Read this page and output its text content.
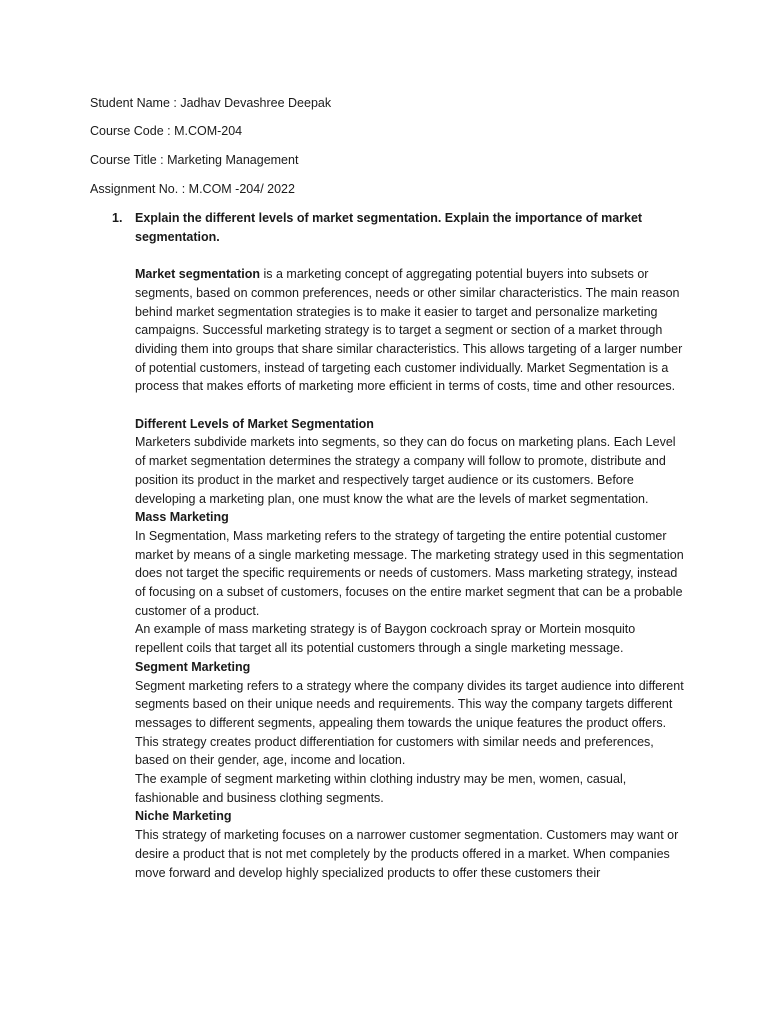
Student Name : Jadhav Devashree Deepak
Course Code : M.COM-204
Course Title : Marketing Management
Assignment No. : M.COM -204/ 2022
1. Explain the different levels of market segmentation. Explain the importance of market segmentation.

Market segmentation is a marketing concept of aggregating potential buyers into subsets or segments, based on common preferences, needs or other similar characteristics. The main reason behind market segmentation strategies is to make it easier to target and personalize marketing campaigns. Successful marketing strategy is to target a segment or section of a market through dividing them into groups that share similar characteristics. This allows targeting of a larger number of potential customers, instead of targeting each customer individually. Market Segmentation is a process that makes efforts of marketing more efficient in terms of costs, time and other resources.

Different Levels of Market Segmentation

Marketers subdivide markets into segments, so they can do focus on marketing plans. Each Level of market segmentation determines the strategy a company will follow to promote, distribute and position its product in the market and respectively target audience or its customers. Before developing a marketing plan, one must know the what are the levels of market segmentation.

Mass Marketing

In Segmentation, Mass marketing refers to the strategy of targeting the entire potential customer market by means of a single marketing message. The marketing strategy used in this segmentation does not target the specific requirements or needs of customers. Mass marketing strategy, instead of focusing on a subset of customers, focuses on the entire market segment that can be a probable customer of a product.

An example of mass marketing strategy is of Baygon cockroach spray or Mortein mosquito repellent coils that target all its potential customers through a single marketing message.

Segment Marketing

Segment marketing refers to a strategy where the company divides its target audience into different segments based on their unique needs and requirements. This way the company targets different messages to different segments, appealing them towards the unique features the product offers. This strategy creates product differentiation for customers with similar needs and preferences, based on their gender, age, income and location.

The example of segment marketing within clothing industry may be men, women, casual, fashionable and business clothing segments.

Niche Marketing

This strategy of marketing focuses on a narrower customer segmentation. Customers may want or desire a product that is not met completely by the products offered in a market. When companies move forward and develop highly specialized products to offer these customers their
